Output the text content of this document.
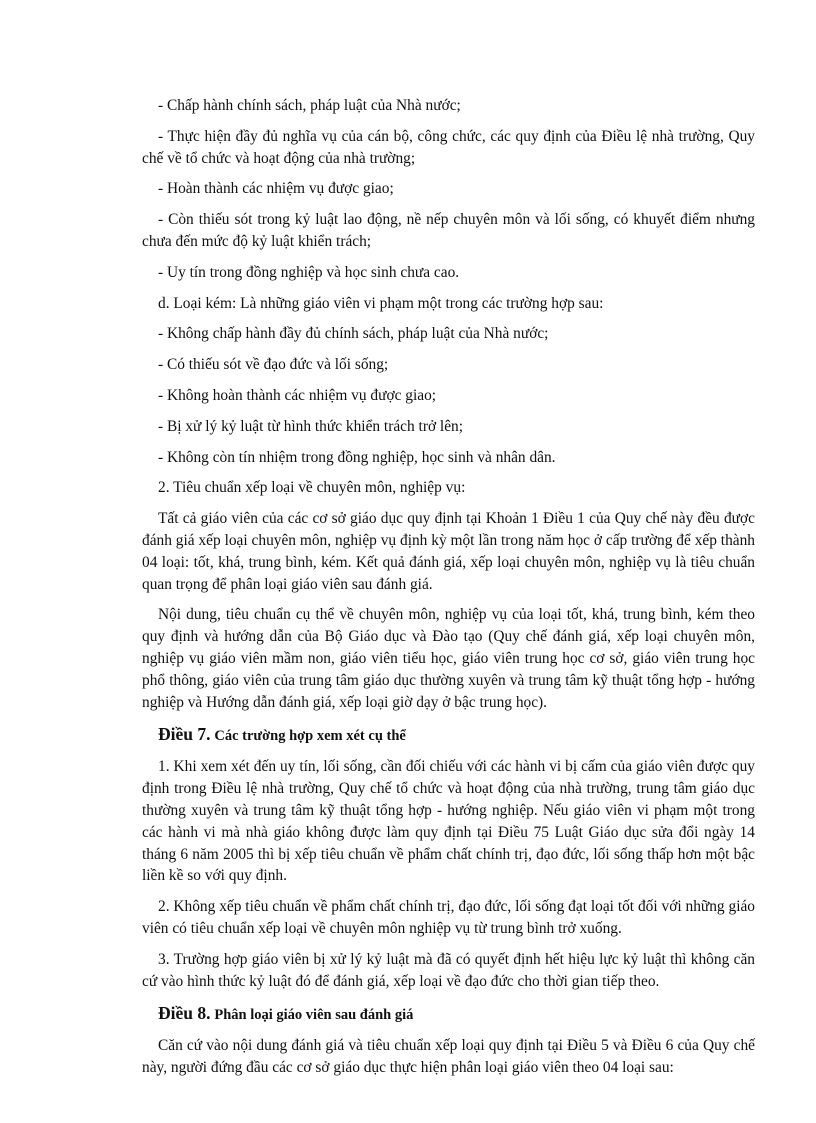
- Chấp hành chính sách, pháp luật của Nhà nước;

- Thực hiện đầy đủ nghĩa vụ của cán bộ, công chức, các quy định của Điều lệ nhà trường, Quy chế về tổ chức và hoạt động của nhà trường;

- Hoàn thành các nhiệm vụ được giao;

- Còn thiếu sót trong kỷ luật lao động, nề nếp chuyên môn và lối sống, có khuyết điểm nhưng chưa đến mức độ kỷ luật khiển trách;

- Uy tín trong đồng nghiệp và học sinh chưa cao.

d. Loại kém: Là những giáo viên vi phạm một trong các trường hợp sau:

- Không chấp hành đầy đủ chính sách, pháp luật của Nhà nước;

- Có thiếu sót về đạo đức và lối sống;

- Không hoàn thành các nhiệm vụ được giao;

- Bị xử lý kỷ luật từ hình thức khiển trách trở lên;

- Không còn tín nhiệm trong đồng nghiệp, học sinh và nhân dân.

2. Tiêu chuẩn xếp loại về chuyên môn, nghiệp vụ:

Tất cả giáo viên của các cơ sở giáo dục quy định tại Khoản 1 Điều 1 của Quy chế này đều được đánh giá xếp loại chuyên môn, nghiệp vụ định kỳ một lần trong năm học ở cấp trường để xếp thành 04 loại: tốt, khá, trung bình, kém. Kết quả đánh giá, xếp loại chuyên môn, nghiệp vụ là tiêu chuẩn quan trọng để phân loại giáo viên sau đánh giá.

Nội dung, tiêu chuẩn cụ thể về chuyên môn, nghiệp vụ của loại tốt, khá, trung bình, kém theo quy định và hướng dẫn của Bộ Giáo dục và Đào tạo (Quy chế đánh giá, xếp loại chuyên môn, nghiệp vụ giáo viên mầm non, giáo viên tiểu học, giáo viên trung học cơ sở, giáo viên trung học phổ thông, giáo viên của trung tâm giáo dục thường xuyên và trung tâm kỹ thuật tổng hợp - hướng nghiệp và Hướng dẫn đánh giá, xếp loại giờ dạy ở bậc trung học).

Điều 7. Các trường hợp xem xét cụ thể

1. Khi xem xét đến uy tín, lối sống, cần đối chiếu với các hành vi bị cấm của giáo viên được quy định trong Điều lệ nhà trường, Quy chế tổ chức và hoạt động của nhà trường, trung tâm giáo dục thường xuyên và trung tâm kỹ thuật tổng hợp - hướng nghiệp. Nếu giáo viên vi phạm một trong các hành vi mà nhà giáo không được làm quy định tại Điều 75 Luật Giáo dục sửa đổi ngày 14 tháng 6 năm 2005 thì bị xếp tiêu chuẩn về phẩm chất chính trị, đạo đức, lối sống thấp hơn một bậc liền kề so với quy định.

2. Không xếp tiêu chuẩn về phẩm chất chính trị, đạo đức, lối sống đạt loại tốt đối với những giáo viên có tiêu chuẩn xếp loại về chuyên môn nghiệp vụ từ trung bình trở xuống.

3. Trường hợp giáo viên bị xử lý kỷ luật mà đã có quyết định hết hiệu lực kỷ luật thì không căn cứ vào hình thức kỷ luật đó để đánh giá, xếp loại về đạo đức cho thời gian tiếp theo.

Điều 8. Phân loại giáo viên sau đánh giá

Căn cứ vào nội dung đánh giá và tiêu chuẩn xếp loại quy định tại Điều 5 và Điều 6 của Quy chế này, người đứng đầu các cơ sở giáo dục thực hiện phân loại giáo viên theo 04 loại sau:
